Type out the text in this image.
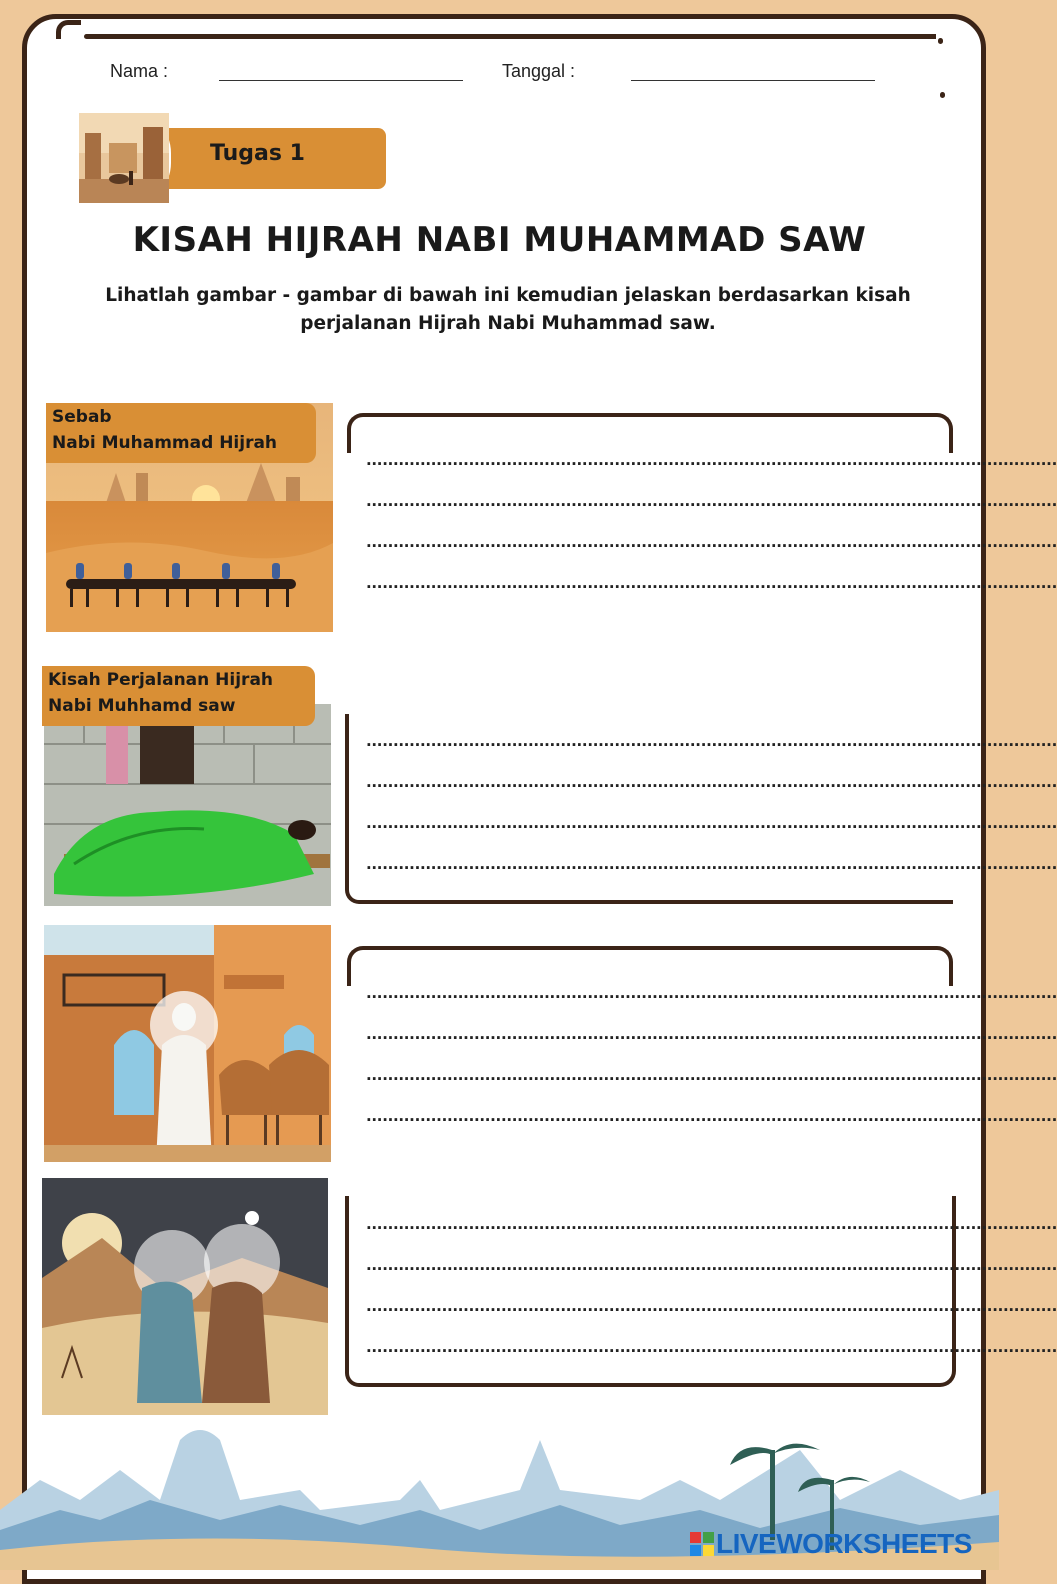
Nama :	Tanggal :
Tugas 1
KISAH HIJRAH NABI MUHAMMAD SAW
Lihatlah gambar - gambar di bawah ini kemudian jelaskan berdasarkan kisah perjalanan Hijrah Nabi Muhammad saw.
Sebab
Nabi Muhammad Hijrah
................................................................................................................................
................................................................................................................................
................................................................................................................................
................................................................................................................................
Kisah Perjalanan Hijrah
Nabi Muhhamd saw
................................................................................................................................
................................................................................................................................
................................................................................................................................
................................................................................................................................
................................................................................................................................
................................................................................................................................
................................................................................................................................
................................................................................................................................
................................................................................................................................
................................................................................................................................
................................................................................................................................
................................................................................................................................
LIVEWORKSHEETS
